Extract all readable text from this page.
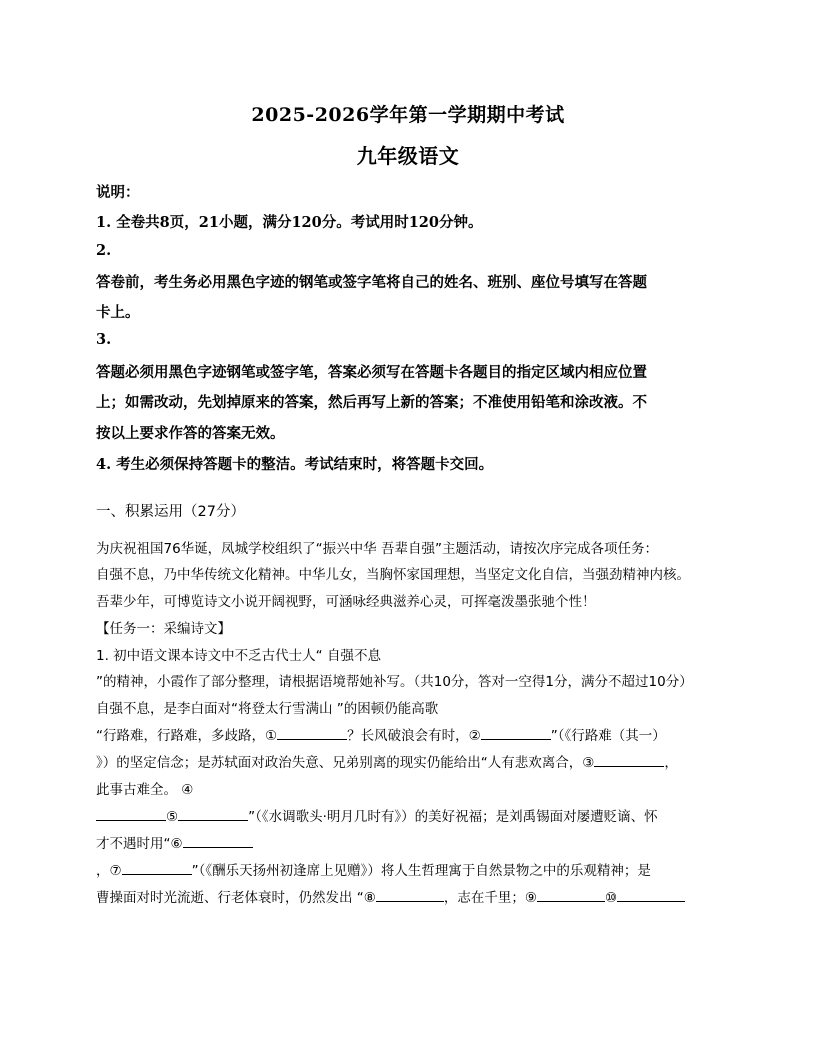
2025-2026学年第一学期期中考试
九年级语文
说明：
1. 全卷共8页，21小题，满分120分。考试用时120分钟。
2.
答卷前，考生务必用黑色字迹的钢笔或签字笔将自己的姓名、班别、座位号填写在答题
卡上。
3.
答题必须用黑色字迹钢笔或签字笔，答案必须写在答题卡各题目的指定区域内相应位置
上；如需改动，先划掉原来的答案，然后再写上新的答案；不准使用铅笔和涂改液。不
按以上要求作答的答案无效。
4. 考生必须保持答题卡的整洁。考试结束时，将答题卡交回。
一、积累运用（27分）
为庆祝祖国76华诞，凤城学校组织了“振兴中华 吾辈自强”主题活动，请按次序完成各项任务：
自强不息，乃中华传统文化精神。中华儿女，当胸怀家国理想，当坚定文化自信，当强劲精神内核。
吾辈少年，可博览诗文小说开阔视野，可涵咏经典滋养心灵，可挥毫泼墨张驰个性！
【任务一：采编诗文】
1. 初中语文课本诗文中不乏古代士人“ 自强不息
”的精神，小霞作了部分整理，请根据语境帮她补写。（共10分，答对一空得1分，满分不超过10分）
自强不息，是李白面对“将登太行雪满山 ”的困顿仍能高歌
“行路难，行路难，多歧路，①	？长风破浪会有时，②	”（《行路难（其一）
》）的坚定信念；是苏轼面对政治失意、兄弟别离的现实仍能给出“人有悲欢离合，③	，
此事古难全。 ④
⑤	”（《水调歌头·明月几时有》）的美好祝福；是刘禹锡面对屡遭贬谪、怀
才不遇时用“⑥
，⑦	”（《酬乐天扬州初逢席上见赠》）将人生哲理寓于自然景物之中的乐观精神；是
曹操面对时光流逝、行老体衰时，仍然发出 “⑧	，志在千里；⑨	⑩
